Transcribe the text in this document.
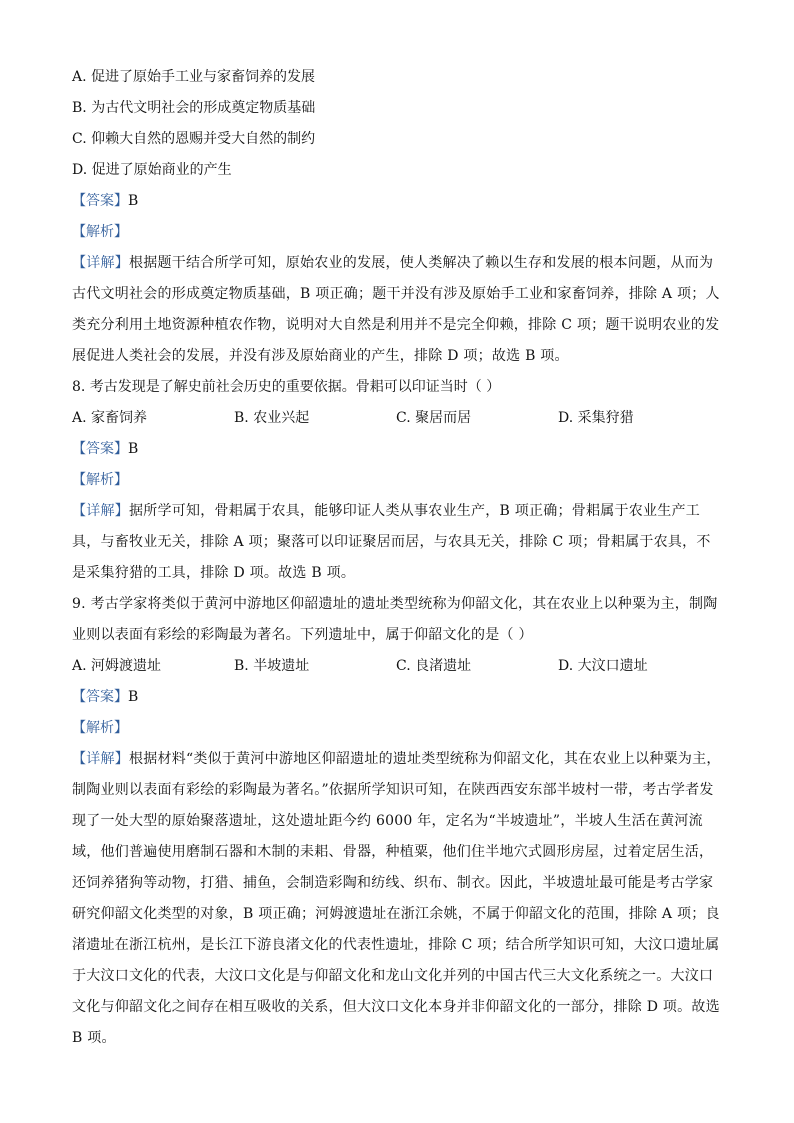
A. 促进了原始手工业与家畜饲养的发展
B. 为古代文明社会的形成奠定物质基础
C. 仰赖大自然的恩赐并受大自然的制约
D. 促进了原始商业的产生
【答案】B
【解析】
【详解】根据题干结合所学可知，原始农业的发展，使人类解决了赖以生存和发展的根本问题，从而为古代文明社会的形成奠定物质基础，B 项正确；题干并没有涉及原始手工业和家畜饲养，排除 A 项；人类充分利用土地资源种植农作物，说明对大自然是利用并不是完全仰赖，排除 C 项；题干说明农业的发展促进人类社会的发展，并没有涉及原始商业的产生，排除 D 项；故选 B 项。
8. 考古发现是了解史前社会历史的重要依据。骨耜可以印证当时（ ）
A. 家畜饲养	B. 农业兴起	C. 聚居而居	D. 采集狩猎
【答案】B
【解析】
【详解】据所学可知，骨耜属于农具，能够印证人类从事农业生产，B 项正确；骨耜属于农业生产工具，与畜牧业无关，排除 A 项；聚落可以印证聚居而居，与农具无关，排除 C 项；骨耜属于农具，不是采集狩猎的工具，排除 D 项。故选 B 项。
9. 考古学家将类似于黄河中游地区仰韶遗址的遗址类型统称为仰韶文化，其在农业上以种粟为主，制陶业则以表面有彩绘的彩陶最为著名。下列遗址中，属于仰韶文化的是（ ）
A. 河姆渡遗址	B. 半坡遗址	C. 良渚遗址	D. 大汶口遗址
【答案】B
【解析】
【详解】根据材料“类似于黄河中游地区仰韶遗址的遗址类型统称为仰韶文化，其在农业上以种粟为主，制陶业则以表面有彩绘的彩陶最为著名。”依据所学知识可知，在陕西西安东部半坡村一带，考古学者发现了一处大型的原始聚落遗址，这处遗址距今约 6000 年，定名为“半坡遗址”，半坡人生活在黄河流域，他们普遍使用磨制石器和木制的耒耜、骨器，种植粟，他们住半地穴式圆形房屋，过着定居生活，还饲养猪狗等动物，打猎、捕鱼，会制造彩陶和纺线、织布、制衣。因此，半坡遗址最可能是考古学家研究仰韶文化类型的对象，B 项正确；河姆渡遗址在浙江余姚，不属于仰韶文化的范围，排除 A 项；良渚遗址在浙江杭州，是长江下游良渚文化的代表性遗址，排除 C 项；结合所学知识可知，大汶口遗址属于大汶口文化的代表，大汶口文化是与仰韶文化和龙山文化并列的中国古代三大文化系统之一。大汶口文化与仰韶文化之间存在相互吸收的关系，但大汶口文化本身并非仰韶文化的一部分，排除 D 项。故选 B 项。
